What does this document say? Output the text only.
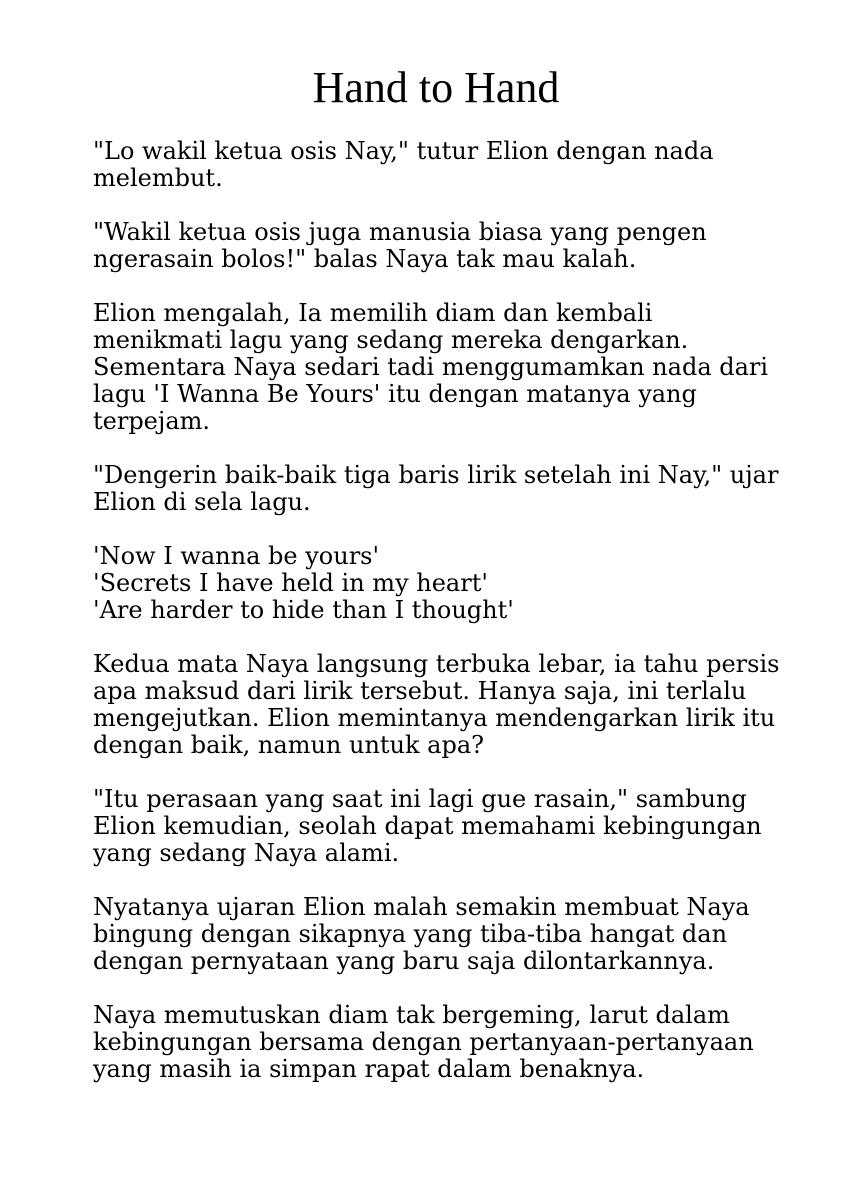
Hand to Hand

"Lo wakil ketua osis Nay," tutur Elion dengan nada
melembut.

"Wakil ketua osis juga manusia biasa yang pengen
ngerasain bolos!" balas Naya tak mau kalah.

Elion mengalah, Ia memilih diam dan kembali
menikmati lagu yang sedang mereka dengarkan.
Sementara Naya sedari tadi menggumamkan nada dari
lagu 'I Wanna Be Yours' itu dengan matanya yang
terpejam.

"Dengerin baik-baik tiga baris lirik setelah ini Nay," ujar
Elion di sela lagu.

'Now I wanna be yours'
'Secrets I have held in my heart'
'Are harder to hide than I thought'

Kedua mata Naya langsung terbuka lebar, ia tahu persis
apa maksud dari lirik tersebut. Hanya saja, ini terlalu
mengejutkan. Elion memintanya mendengarkan lirik itu
dengan baik, namun untuk apa?

"Itu perasaan yang saat ini lagi gue rasain," sambung
Elion kemudian, seolah dapat memahami kebingungan
yang sedang Naya alami.

Nyatanya ujaran Elion malah semakin membuat Naya
bingung dengan sikapnya yang tiba-tiba hangat dan
dengan pernyataan yang baru saja dilontarkannya.

Naya memutuskan diam tak bergeming, larut dalam
kebingungan bersama dengan pertanyaan-pertanyaan
yang masih ia simpan rapat dalam benaknya.
